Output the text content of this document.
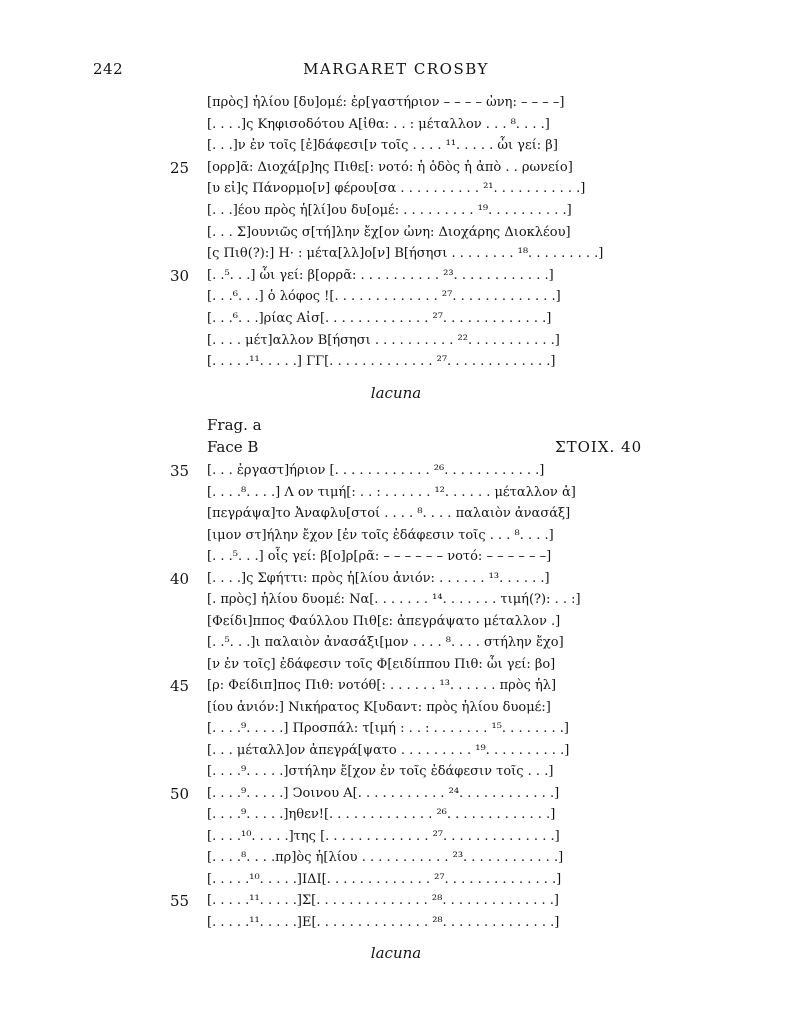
242	MARGARET CROSBY
[πρὸς] ἡλίου [δυ]ομέ: ἐρ[γαστήριον – – – – ὠνη: – – – –]
[. . . .]ς Κηφισοδότου Α[ἰθα: . . : μέταλλον . . . ⁸. . . .]
[. . .]ν ἐν τοῖς [ἐ]δάφεσι[ν τοῖς . . . . ¹¹. . . . . ὧι γεί: β]
25	[ορρ]ᾶ: Διοχά[ρ]ης Πιθε[: νοτό: ἡ ὁδὸς ἡ ἀπὸ . . ρωνείο]
[υ εἰ]ς Πάνορμο[ν] φέρου[σα . . . . . . . . . . ²¹. . . . . . . . . . .]
[. . .]έου πρὸς ἡ[λί]ου δυ[ομέ: . . . . . . . . . ¹⁹. . . . . . . . . .]
[. . . Σ]ουνιῶς σ[τή]λην ἔχ[ον ὠνη: Διοχάρης Διοκλέου]
[ς Πιθ(?):] Η· : μέτα[λλ]ο[ν] Β[ήσησι . . . . . . . . ¹⁸. . . . . . . . .]
30	[. .⁵. . .] ὧι γεί: β[ορρᾶ: . . . . . . . . . . ²³. . . . . . . . . . . .]
[. . .⁶. . .] ὁ λόφος ![. . . . . . . . . . . . . ²⁷. . . . . . . . . . . . .]
[. . .⁶. . .]ρίας Αἰσ[. . . . . . . . . . . . . ²⁷. . . . . . . . . . . . .]
[. . . . μέτ]αλλον Β[ήσησι . . . . . . . . . . ²². . . . . . . . . . .]
[. . . . .¹¹. . . . .] ΓΓ[. . . . . . . . . . . . . ²⁷. . . . . . . . . . . . .]
lacuna
Frag. a
Face B	ΣΤΟΙΧ. 40
35	[. . . ἐργαστ]ήριον [. . . . . . . . . . . . ²⁶. . . . . . . . . . . .]
[. . . .⁸. . . .] Λ ον τιμή[: . . : . . . . . . ¹². . . . . . μέταλλον ἀ]
[πεγράψα]το Ἀναφλυ[στοί . . . . ⁸. . . . παλαιὸν ἀνασάξ]
[ιμον στ]ήλην ἔχον [ἐν τοῖς ἐδάφεσιν τοῖς . . . ⁸. . . .]
[. . .⁵. . .] οἷς γεί: β[ο]ρ[ρᾶ: – – – – – – νοτό: – – – – – –]
40	[. . . .]ς Σφήττι: πρὸς ἡ[λίου ἀνιόν: . . . . . . ¹³. . . . . .]
[. πρὸς] ἡλίου δυομέ: Να[. . . . . . . ¹⁴. . . . . . . τιμή(?): . . :]
[Φείδι]ππος Φαύλλου Πιθ[ε: ἀπεγράψατο μέταλλον .]
[. .⁵. . .]ι παλαιὸν ἀνασάξι[μον . . . . ⁸. . . . στήλην ἔχο]
[ν ἐν τοῖς] ἐδάφεσιν τοῖς Φ[ειδίππου Πιθ: ὧι γεί: βο]
45	[ρ: Φείδιπ]πος Πιθ: νοτόθ[: . . . . . . ¹³. . . . . . πρὸς ἡλ]
[ίου ἀνιόν:] Νικήρατος Κ[υδαντ: πρὸς ἡλίου δυομέ:]
[. . . .⁹. . . . .] Προσπάλ: τ[ιμή : . . : . . . . . . . ¹⁵. . . . . . . .]
[. . . μέταλλ]ον ἀπεγρά[ψατο . . . . . . . . . ¹⁹. . . . . . . . . .]
[. . . .⁹. . . . .]στήλην ἔ[χον ἐν τοῖς ἐδάφεσιν τοῖς . . .]
50	[. . . .⁹. . . . .] Ͻοινου Α[. . . . . . . . . . . ²⁴. . . . . . . . . . . .]
[. . . .⁹. . . . .]ηθεν![. . . . . . . . . . . . . ²⁶. . . . . . . . . . . . .]
[. . . .¹⁰. . . . .]της [. . . . . . . . . . . . . ²⁷. . . . . . . . . . . . . .]
[. . . .⁸. . . .πρ]ὸς ἡ[λίου . . . . . . . . . . . ²³. . . . . . . . . . . .]
[. . . . .¹⁰. . . . .]ΙΔΙ[. . . . . . . . . . . . . ²⁷. . . . . . . . . . . . . .]
55	[. . . . .¹¹. . . . .]Σ[. . . . . . . . . . . . . . ²⁸. . . . . . . . . . . . . .]
[. . . . .¹¹. . . . .]Ε[. . . . . . . . . . . . . . ²⁸. . . . . . . . . . . . . .]
lacuna
